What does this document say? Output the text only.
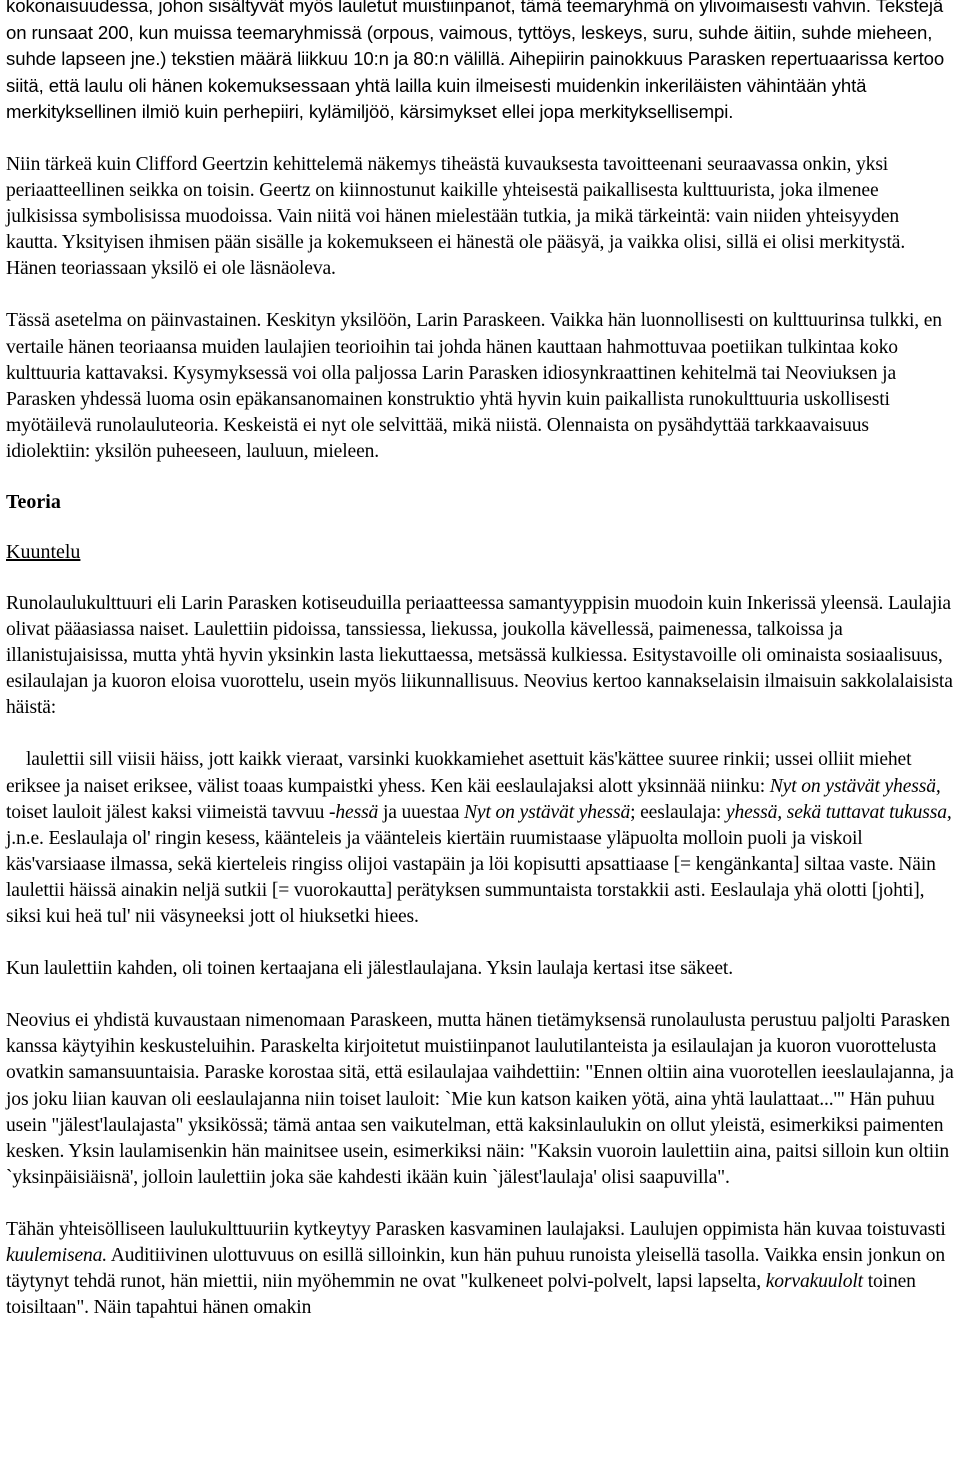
kokonaisuudessa, johon sisältyvät myös lauletut muistiinpanot, tämä teemaryhmä on ylivoimaisesti vahvin. Tekstejä on runsaat 200, kun muissa teemaryhmissä (orpous, vaimous, tyttöys, leskeys, suru, suhde äitiin, suhde mieheen, suhde lapseen jne.) tekstien määrä liikkuu 10:n ja 80:n välillä. Aihepiirin painokkuus Parasken repertuaarissa kertoo siitä, että laulu oli hänen kokemuksessaan yhtä lailla kuin ilmeisesti muidenkin inkeriläisten vähintään yhtä merkityksellinen ilmiö kuin perhepiiri, kylämiljöö, kärsimykset ellei jopa merkityksellisempi.

Niin tärkeä kuin Clifford Geertzin kehittelemä näkemys tiheästä kuvauksesta tavoitteenani seuraavassa onkin, yksi periaatteellinen seikka on toisin. Geertz on kiinnostunut kaikille yhteisestä paikallisesta kulttuurista, joka ilmenee julkisissa symbolisissa muodoissa. Vain niitä voi hänen mielestään tutkia, ja mikä tärkeintä: vain niiden yhteisyyden kautta. Yksityisen ihmisen pään sisälle ja kokemukseen ei hänestä ole pääsyä, ja vaikka olisi, sillä ei olisi merkitystä. Hänen teoriassaan yksilö ei ole läsnäoleva.

Tässä asetelma on päinvastainen. Keskityn yksilöön, Larin Paraskeen. Vaikka hän luonnollisesti on kulttuurinsa tulkki, en vertaile hänen teoriaansa muiden laulajien teorioihin tai johda hänen kauttaan hahmottuvaa poetiikan tulkintaa koko kulttuuria kattavaksi. Kysymyksessä voi olla paljossa Larin Parasken idiosynkraattinen kehitelmä tai Neoviuksen ja Parasken yhdessä luoma osin epäkansanomainen konstruktio yhtä hyvin kuin paikallista runokulttuuria uskollisesti myötäilevä runolauluteoria. Keskeistä ei nyt ole selvittää, mikä niistä. Olennaista on pysähdyttää tarkkaavaisuus idiolektiin: yksilön puheeseen, lauluun, mieleen.

Teoria
Kuuntelu

Runolaulukulttuuri eli Larin Parasken kotiseuduilla periaatteessa samantyyppisin muodoin kuin Inkerissä yleensä. Laulajia olivat pääasiassa naiset. Laulettiin pidoissa, tanssiessa, liekussa, joukolla kävellessä, paimenessa, talkoissa ja illanistujaisissa, mutta yhtä hyvin yksinkin lasta liekuttaessa, metsässä kulkiessa. Esitystavoille oli ominaista sosiaalisuus, esilaulajan ja kuoron eloisa vuorottelu, usein myös liikunnallisuus. Neovius kertoo kannakselaisin ilmaisuin sakkolalaisista häistä:

laulettii sill viisii häiss, jott kaikk vieraat, varsinki kuokkamiehet asettuit käs'kättee suuree rinkii; ussei olliit miehet eriksee ja naiset eriksee, välist toaas kumpaistki yhess. Ken käi eeslaulajaksi alott yksinnää niinku: Nyt on ystävät yhessä, toiset lauloit jälest kaksi viimeistä tavvuu -hessä ja uuestaa Nyt on ystävät yhessä; eeslaulaja: yhessä, sekä tuttavat tukussa, j.n.e. Eeslaulaja ol' ringin kesess, käänteleis ja väänteleis kiertäin ruumistaase yläpuolta molloin puoli ja viskoil käs'varsiaase ilmassa, sekä kierteleis ringiss olijoi vastapäin ja löi kopisutti apsattiaase [= kengänkanta] siltaa vaste. Näin laulettii häissä ainakin neljä sutkii [= vuorokautta] perätyksen summuntaista torstakkii asti. Eeslaulaja yhä olotti [johti], siksi kui heä tul' nii väsyneeksi jott ol hiuksetki hiees.

Kun laulettiin kahden, oli toinen kertaajana eli jälestlaulajana. Yksin laulaja kertasi itse säkeet.

Neovius ei yhdistä kuvaustaan nimenomaan Paraskeen, mutta hänen tietämyksensä runolaulusta perustuu paljolti Parasken kanssa käytyihin keskusteluihin. Paraskelta kirjoitetut muistiinpanot laulutilanteista ja esilaulajan ja kuoron vuorottelusta ovatkin samansuuntaisia. Paraske korostaa sitä, että esilaulajaa vaihdettiin: "Ennen oltiin aina vuorotellen ieeslaulajanna, ja jos joku liian kauvan oli eeslaulajanna niin toiset lauloit: `Mie kun katson kaiken yötä, aina yhtä laulattaat...'" Hän puhuu usein "jälest'laulajasta" yksikössä; tämä antaa sen vaikutelman, että kaksinlaulukin on ollut yleistä, esimerkiksi paimenten kesken. Yksin laulamisenkin hän mainitsee usein, esimerkiksi näin: "Kaksin vuoroin laulettiin aina, paitsi silloin kun oltiin `yksinpäisiäisnä', jolloin laulettiin joka säe kahdesti ikään kuin `jälest'laulaja' olisi saapuvilla".

Tähän yhteisölliseen laulukulttuuriin kytkeytyy Parasken kasvaminen laulajaksi. Laulujen oppimista hän kuvaa toistuvasti kuulemisena. Auditiivinen ulottuvuus on esillä silloinkin, kun hän puhuu runoista yleisellä tasolla. Vaikka ensin jonkun on täytynyt tehdä runot, hän miettii, niin myöhemmin ne ovat "kulkeneet polvi-polvelt, lapsi lapselta, korvakuulolt toinen toisiltaan". Näin tapahtui hänen omakin
